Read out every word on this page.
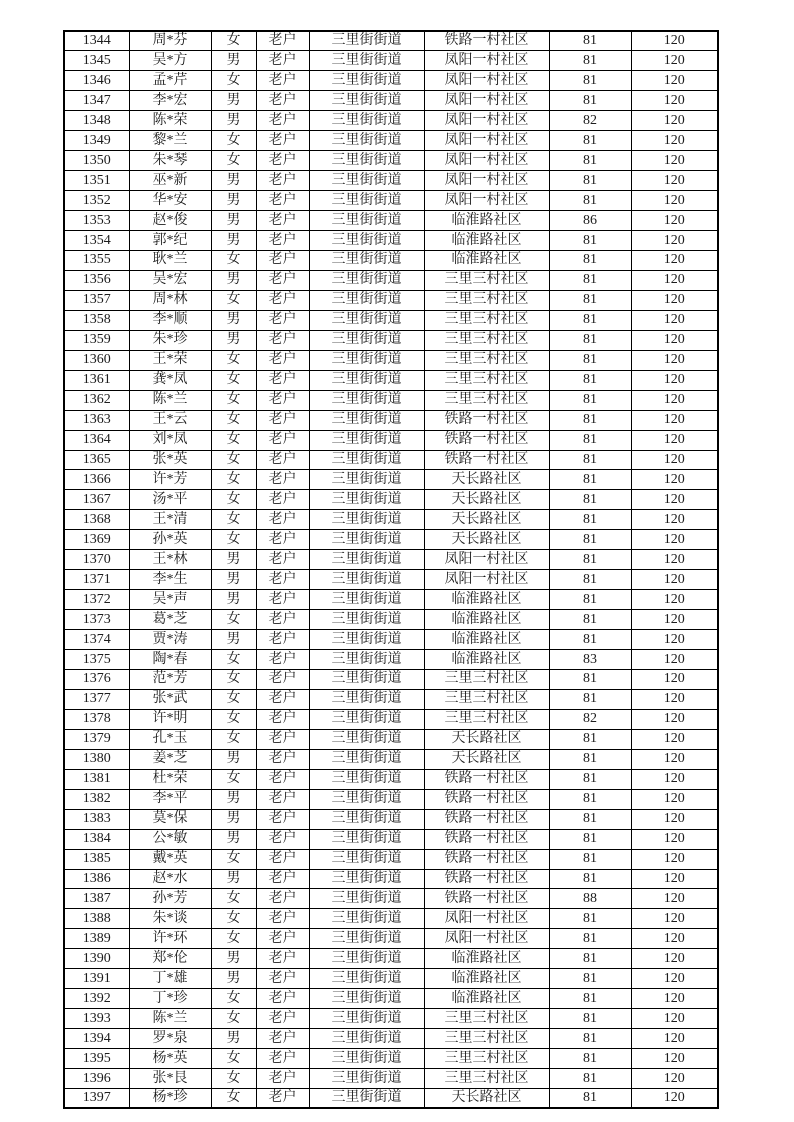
1344	周*芬	女	老户	三里街街道	铁路一村社区	81	120
1345	吴*方	男	老户	三里街街道	凤阳一村社区	81	120
1346	孟*芹	女	老户	三里街街道	凤阳一村社区	81	120
1347	李*宏	男	老户	三里街街道	凤阳一村社区	81	120
1348	陈*荣	男	老户	三里街街道	凤阳一村社区	82	120
1349	黎*兰	女	老户	三里街街道	凤阳一村社区	81	120
1350	朱*琴	女	老户	三里街街道	凤阳一村社区	81	120
1351	巫*新	男	老户	三里街街道	凤阳一村社区	81	120
1352	华*安	男	老户	三里街街道	凤阳一村社区	81	120
1353	赵*俊	男	老户	三里街街道	临淮路社区	86	120
1354	郭*纪	男	老户	三里街街道	临淮路社区	81	120
1355	耿*兰	女	老户	三里街街道	临淮路社区	81	120
1356	吴*宏	男	老户	三里街街道	三里三村社区	81	120
1357	周*林	女	老户	三里街街道	三里三村社区	81	120
1358	李*顺	男	老户	三里街街道	三里三村社区	81	120
1359	朱*珍	男	老户	三里街街道	三里三村社区	81	120
1360	王*荣	女	老户	三里街街道	三里三村社区	81	120
1361	龚*凤	女	老户	三里街街道	三里三村社区	81	120
1362	陈*兰	女	老户	三里街街道	三里三村社区	81	120
1363	王*云	女	老户	三里街街道	铁路一村社区	81	120
1364	刘*凤	女	老户	三里街街道	铁路一村社区	81	120
1365	张*英	女	老户	三里街街道	铁路一村社区	81	120
1366	许*芳	女	老户	三里街街道	天长路社区	81	120
1367	汤*平	女	老户	三里街街道	天长路社区	81	120
1368	王*清	女	老户	三里街街道	天长路社区	81	120
1369	孙*英	女	老户	三里街街道	天长路社区	81	120
1370	王*林	男	老户	三里街街道	凤阳一村社区	81	120
1371	李*生	男	老户	三里街街道	凤阳一村社区	81	120
1372	吴*声	男	老户	三里街街道	临淮路社区	81	120
1373	葛*芝	女	老户	三里街街道	临淮路社区	81	120
1374	贾*涛	男	老户	三里街街道	临淮路社区	81	120
1375	陶*春	女	老户	三里街街道	临淮路社区	83	120
1376	范*芳	女	老户	三里街街道	三里三村社区	81	120
1377	张*武	女	老户	三里街街道	三里三村社区	81	120
1378	许*明	女	老户	三里街街道	三里三村社区	82	120
1379	孔*玉	女	老户	三里街街道	天长路社区	81	120
1380	姜*芝	男	老户	三里街街道	天长路社区	81	120
1381	杜*荣	女	老户	三里街街道	铁路一村社区	81	120
1382	李*平	男	老户	三里街街道	铁路一村社区	81	120
1383	莫*保	男	老户	三里街街道	铁路一村社区	81	120
1384	公*敏	男	老户	三里街街道	铁路一村社区	81	120
1385	戴*英	女	老户	三里街街道	铁路一村社区	81	120
1386	赵*水	男	老户	三里街街道	铁路一村社区	81	120
1387	孙*芳	女	老户	三里街街道	铁路一村社区	88	120
1388	朱*谈	女	老户	三里街街道	凤阳一村社区	81	120
1389	许*环	女	老户	三里街街道	凤阳一村社区	81	120
1390	郑*伦	男	老户	三里街街道	临淮路社区	81	120
1391	丁*雄	男	老户	三里街街道	临淮路社区	81	120
1392	丁*珍	女	老户	三里街街道	临淮路社区	81	120
1393	陈*兰	女	老户	三里街街道	三里三村社区	81	120
1394	罗*泉	男	老户	三里街街道	三里三村社区	81	120
1395	杨*英	女	老户	三里街街道	三里三村社区	81	120
1396	张*艮	女	老户	三里街街道	三里三村社区	81	120
1397	杨*珍	女	老户	三里街街道	天长路社区	81	120
